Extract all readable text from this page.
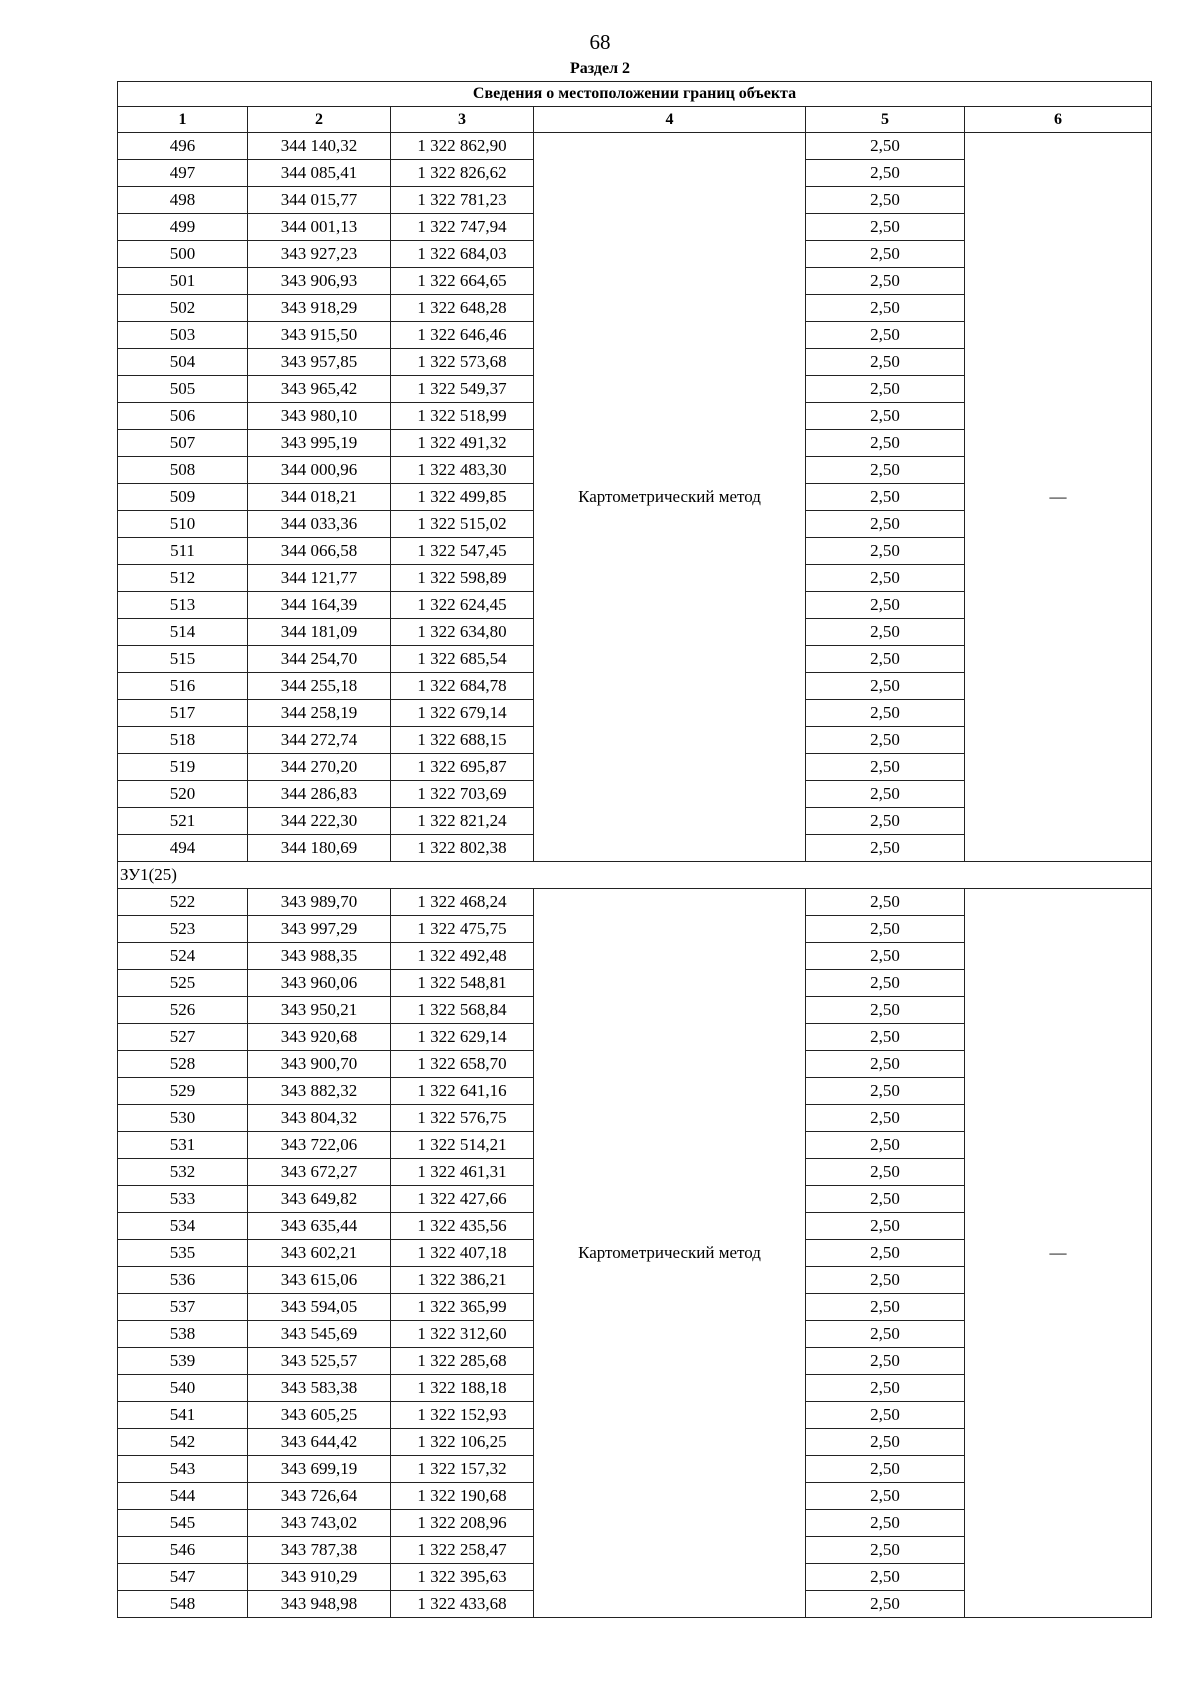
68
Раздел 2
Сведения о местоположении границ объекта					
1	2	3	4	5	6
496	344 140,32	1 322 862,90	Картометрический метод	2,50	—
497	344 085,41	1 322 826,62		2,50	
498	344 015,77	1 322 781,23		2,50	
499	344 001,13	1 322 747,94		2,50	
500	343 927,23	1 322 684,03		2,50	
501	343 906,93	1 322 664,65		2,50	
502	343 918,29	1 322 648,28		2,50	
503	343 915,50	1 322 646,46		2,50	
504	343 957,85	1 322 573,68		2,50	
505	343 965,42	1 322 549,37		2,50	
506	343 980,10	1 322 518,99		2,50	
507	343 995,19	1 322 491,32		2,50	
508	344 000,96	1 322 483,30		2,50	
509	344 018,21	1 322 499,85		2,50	
510	344 033,36	1 322 515,02		2,50	
511	344 066,58	1 322 547,45		2,50	
512	344 121,77	1 322 598,89		2,50	
513	344 164,39	1 322 624,45		2,50	
514	344 181,09	1 322 634,80		2,50	
515	344 254,70	1 322 685,54		2,50	
516	344 255,18	1 322 684,78		2,50	
517	344 258,19	1 322 679,14		2,50	
518	344 272,74	1 322 688,15		2,50	
519	344 270,20	1 322 695,87		2,50	
520	344 286,83	1 322 703,69		2,50	
521	344 222,30	1 322 821,24		2,50	
494	344 180,69	1 322 802,38		2,50	
ЗУ1(25)					
522	343 989,70	1 322 468,24	Картометрический метод	2,50	—
523	343 997,29	1 322 475,75		2,50	
524	343 988,35	1 322 492,48		2,50	
525	343 960,06	1 322 548,81		2,50	
526	343 950,21	1 322 568,84		2,50	
527	343 920,68	1 322 629,14		2,50	
528	343 900,70	1 322 658,70		2,50	
529	343 882,32	1 322 641,16		2,50	
530	343 804,32	1 322 576,75		2,50	
531	343 722,06	1 322 514,21		2,50	
532	343 672,27	1 322 461,31		2,50	
533	343 649,82	1 322 427,66		2,50	
534	343 635,44	1 322 435,56		2,50	
535	343 602,21	1 322 407,18		2,50	
536	343 615,06	1 322 386,21		2,50	
537	343 594,05	1 322 365,99		2,50	
538	343 545,69	1 322 312,60		2,50	
539	343 525,57	1 322 285,68		2,50	
540	343 583,38	1 322 188,18		2,50	
541	343 605,25	1 322 152,93		2,50	
542	343 644,42	1 322 106,25		2,50	
543	343 699,19	1 322 157,32		2,50	
544	343 726,64	1 322 190,68		2,50	
545	343 743,02	1 322 208,96		2,50	
546	343 787,38	1 322 258,47		2,50	
547	343 910,29	1 322 395,63		2,50	
548	343 948,98	1 322 433,68		2,50	
